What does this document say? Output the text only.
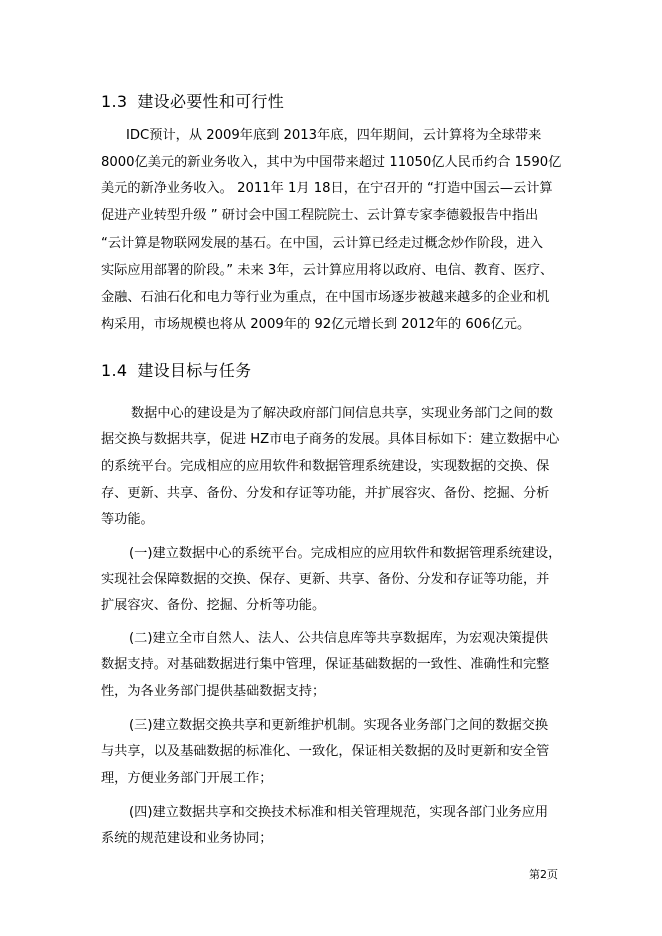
1.3 建设必要性和可行性
IDC预计，从 2009年底到 2013年底，四年期间，云计算将为全球带来
8000亿美元的新业务收入，其中为中国带来超过 11050亿人民币约合 1590亿
美元的新净业务收入。 2011年 1月 18日，在宁召开的 “打造中国云—云计算
促进产业转型升级 ” 研讨会中国工程院院士、云计算专家李德毅报告中指出
“云计算是物联网发展的基石。在中国，云计算已经走过概念炒作阶段，进入
实际应用部署的阶段。” 未来 3年，云计算应用将以政府、电信、教育、医疗、
金融、石油石化和电力等行业为重点，在中国市场逐步被越来越多的企业和机
构采用，市场规模也将从 2009年的 92亿元增长到 2012年的 606亿元。
1.4 建设目标与任务
数据中心的建设是为了解决政府部门间信息共享，实现业务部门之间的数
据交换与数据共享，促进 HZ市电子商务的发展。具体目标如下：建立数据中心
的系统平台。完成相应的应用软件和数据管理系统建设，实现数据的交换、保
存、更新、共享、备份、分发和存证等功能，并扩展容灾、备份、挖掘、分析
等功能。
(一)建立数据中心的系统平台。完成相应的应用软件和数据管理系统建设，
实现社会保障数据的交换、保存、更新、共享、备份、分发和存证等功能，并
扩展容灾、备份、挖掘、分析等功能。
(二)建立全市自然人、法人、公共信息库等共享数据库，为宏观决策提供
数据支持。对基础数据进行集中管理，保证基础数据的一致性、准确性和完整
性，为各业务部门提供基础数据支持；
(三)建立数据交换共享和更新维护机制。实现各业务部门之间的数据交换
与共享，以及基础数据的标准化、一致化，保证相关数据的及时更新和安全管
理，方便业务部门开展工作；
(四)建立数据共享和交换技术标准和相关管理规范，实现各部门业务应用
系统的规范建设和业务协同；
第2页
